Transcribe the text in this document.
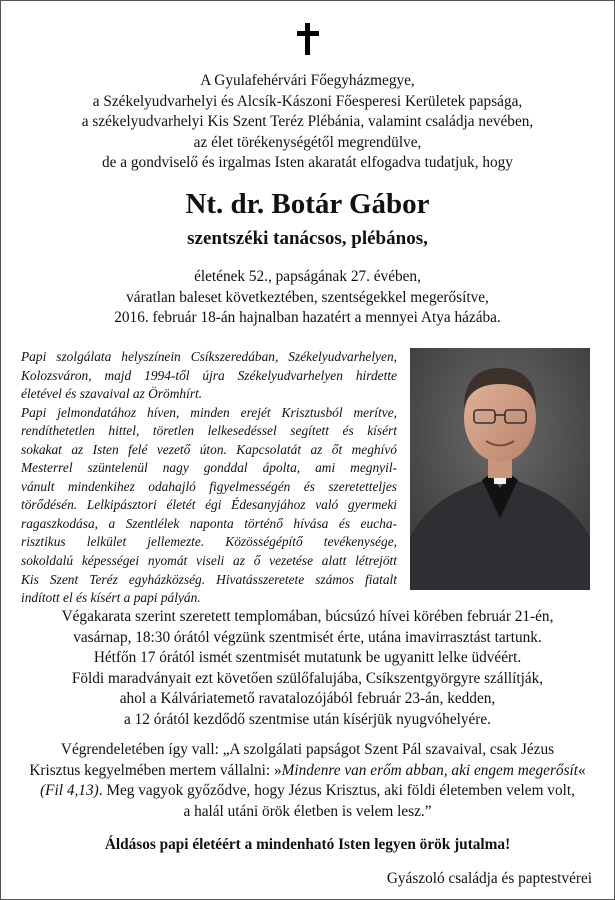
A Gyulafehérvári Főegyházmegye,
a Székelyudvarhelyi és Alcsík-Kászoni Főesperesi Kerületek papsága,
a székelyudvarhelyi Kis Szent Teréz Plébánia, valamint családja nevében,
az élet törékenységétől megrendülve,
de a gondviselő és irgalmas Isten akaratát elfogadva tudatjuk, hogy
Nt. dr. Botár Gábor
szentszéki tanácsos, plébános,
életének 52., papságának 27. évében,
váratlan baleset következtében, szentségekkel megerősítve,
2016. február 18-án hajnalban hazatért a mennyei Atya házába.
Papi szolgálata helyszínein Csíkszeredában, Székelyudvarhelyen,
Kolozsváron, majd 1994-től újra Székelyudvarhelyen hirdette
életével és szavaival az Örömhírt.
Papi jelmondatához híven, minden erejét Krisztusból merítve,
rendíthetetlen hittel, töretlen lelkesedéssel segített és kísért
sokakat az Isten felé vezető úton. Kapcsolatát az őt meghívó
Mesterrel szüntelenül nagy gonddal ápolta, ami megnyil-
vánult mindenkihez odahajló figyelmességén és szeretetteljes
törődésén. Lelkipásztori életét égi Édesanyjához való gyermeki
ragaszkodása, a Szentlélek naponta történő hívása és eucha-
risztikus lelkület jellemezte. Közösségépítő tevékenysége,
sokoldalú képességei nyomát viseli az ő vezetése alatt létrejött
Kis Szent Teréz egyházközség. Hivatásszeretete számos fiatalt
indított el és kísért a papi pályán.
Végakarata szerint szeretett templomában, búcsúzó hívei körében február 21-én,
vasárnap, 18:30 órától végzünk szentmisét érte, utána imavirrasztást tartunk.
Hétfőn 17 órától ismét szentmisét mutatunk be ugyanitt lelke üdvéért.
Földi maradványait ezt követően szülőfalujába, Csíkszentgyörgyre szállítják,
ahol a Kálváriatemető ravatalozójából február 23-án, kedden,
a 12 órától kezdődő szentmise után kísérjük nyugvóhelyére.
Végrendeletében így vall: „A szolgálati papságot Szent Pál szavaival, csak Jézus
Krisztus kegyelmében mertem vállalni: »Mindenre van erőm abban, aki engem megerősít«
(Fil 4,13). Meg vagyok győződve, hogy Jézus Krisztus, aki földi életemben velem volt,
a halál utáni örök életben is velem lesz.”
Áldásos papi életéért a mindenható Isten legyen örök jutalma!
Gyászoló családja és paptestvérei
